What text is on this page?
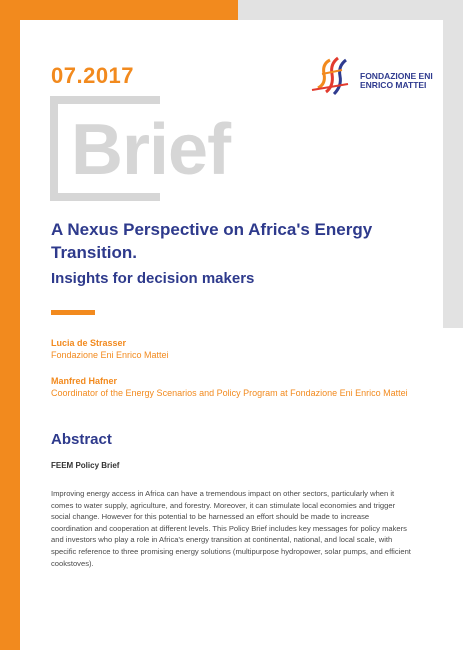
07.2017	FONDAZIONE ENI
ENRICO MATTEI
Brief
A Nexus Perspective on Africa's Energy Transition.
Insights for decision makers

Lucia de Strasser

Fondazione Eni Enrico Mattei

Manfred Hafner

Coordinator of the Energy Scenarios and Policy Program at Fondazione Eni Enrico Mattei

Abstract

FEEM Policy Brief

Improving energy access in Africa can have a tremendous impact on other sectors, particularly when it comes to water supply, agriculture, and forestry. Moreover, it can stimulate local economies and trigger social change. However for this potential to be harnessed an effort should be made to increase coordination and cooperation at different levels. This Policy Brief includes key messages for policy makers and investors who play a role in Africa's energy transition at continental, national, and local scale, with specific reference to three promising energy solutions (multipurpose hydropower, solar pumps, and efficient cookstoves).
